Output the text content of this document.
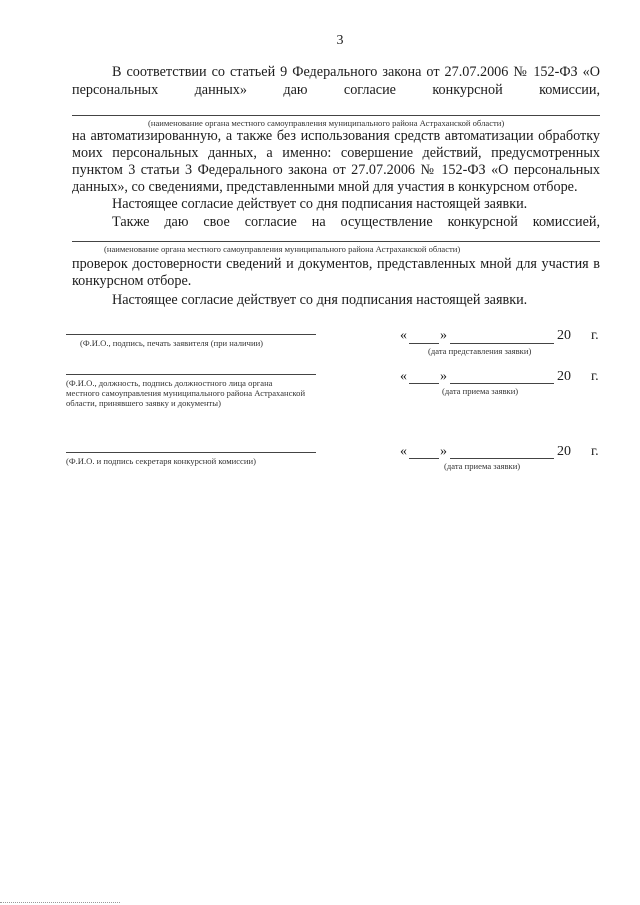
3
В соответствии со статьей 9 Федерального закона от 27.07.2006 № 152-ФЗ «О
персональных данных» даю согласие конкурсной комиссии,
(наименование органа местного самоуправления муниципального района Астраханской области)
на автоматизированную, а также без использования средств автоматизации обработку моих персональных данных, а именно: совершение действий, предусмотренных пунктом 3 статьи 3 Федерального закона от 27.07.2006 № 152-ФЗ «О персональных данных», со сведениями, представленными мной для участия в конкурсном отборе.
Настоящее согласие действует со дня подписания настоящей заявки.
Также даю свое согласие на осуществление конкурсной комиссией,
(наименование органа местного самоуправления муниципального района Астраханской области)
проверок достоверности сведений и документов, представленных мной для участия в конкурсном отборе.
Настоящее согласие действует со дня подписания настоящей заявки.
(Ф.И.О., подпись, печать заявителя (при наличии)	« »	20 г.
(дата представления заявки)
(Ф.И.О., должность, подпись должностного лица органа местного самоуправления муниципального района Астраханской области, принявшего заявку и документы)
« »	20 г.
(дата приема заявки)
(Ф.И.О. и подпись секретаря конкурсной комиссии)
« »	20 г.
(дата приема заявки)
